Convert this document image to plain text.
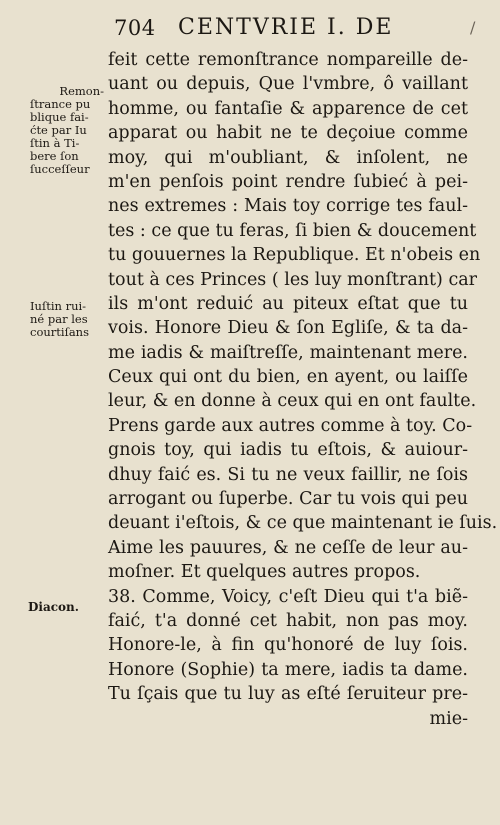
704 CENTVRIE I. DE	/
Remon-
ſtrance pu
blique fai-
ćte par Iu
ſtin à Ti-
bere ſon
ſucceſſeur
Iuſtin rui-
né par les
courtiſans
Diacon.
feit cette remonſtrance nompareille de-
uant ou depuis, Que l'vmbre, ô vaillant
homme, ou fantaſie & apparence de cet
apparat ou habit ne te deçoiue comme
moy, qui m'oubliant, & inſolent, ne
m'en penſois point rendre ſubieć à pei-
nes extremes : Mais toy corrige tes faul-
tes : ce que tu feras, ſi bien & doucement
tu gouuernes la Republique. Et n'obeis en
tout à ces Princes ( les luy monſtrant) car
ils m'ont reduić au piteux eſtat que tu
vois. Honore Dieu & ſon Egliſe, & ta da-
me iadis & maiſtreſſe, maintenant mere.
Ceux qui ont du bien, en ayent, ou laiſſe
leur, & en donne à ceux qui en ont faulte.
Prens garde aux autres comme à toy. Co-
gnois toy, qui iadis tu eſtois, & auiour-
dhuy faić es. Si tu ne veux faillir, ne ſois
arrogant ou ſuperbe. Car tu vois qui peu
deuant i'eſtois, & ce que maintenant ie ſuis.
Aime les pauures, & ne ceſſe de leur au-
moſner. Et quelques autres propos.
38. Comme, Voicy, c'eſt Dieu qui t'a biẽ-
faić, t'a donné cet habit, non pas moy.
Honore-le, à fin qu'honoré de luy ſois.
Honore (Sophie) ta mere, iadis ta dame.
Tu ſçais que tu luy as eſté ſeruiteur pre-
mie-
